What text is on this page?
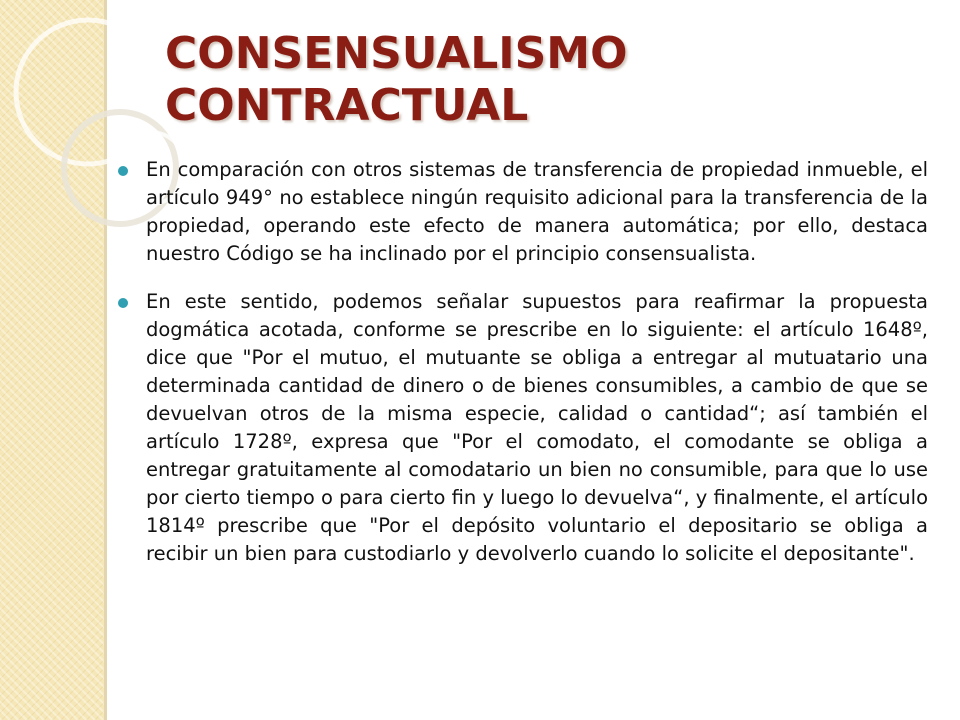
CONSENSUALISMO
CONTRACTUAL

En comparación con otros sistemas de transferencia de propiedad inmueble, el artículo 949° no establece ningún requisito adicional para la transferencia de la propiedad, operando este efecto de manera automática; por ello, destaca nuestro Código se ha inclinado por el principio consensualista.

En este sentido, podemos señalar supuestos para reafirmar la propuesta dogmática acotada, conforme se prescribe en lo siguiente: el artículo 1648º, dice que "Por el mutuo, el mutuante se obliga a entregar al mutuatario una determinada cantidad de dinero o de bienes consumibles, a cambio de que se devuelvan otros de la misma especie, calidad o cantidad“; así también el artículo 1728º, expresa que "Por el comodato, el comodante se obliga a entregar gratuitamente al comodatario un bien no consumible, para que lo use por cierto tiempo o para cierto fin y luego lo devuelva“, y finalmente, el artículo 1814º prescribe que "Por el depósito voluntario el depositario se obliga a recibir un bien para custodiarlo y devolverlo cuando lo solicite el depositante".
